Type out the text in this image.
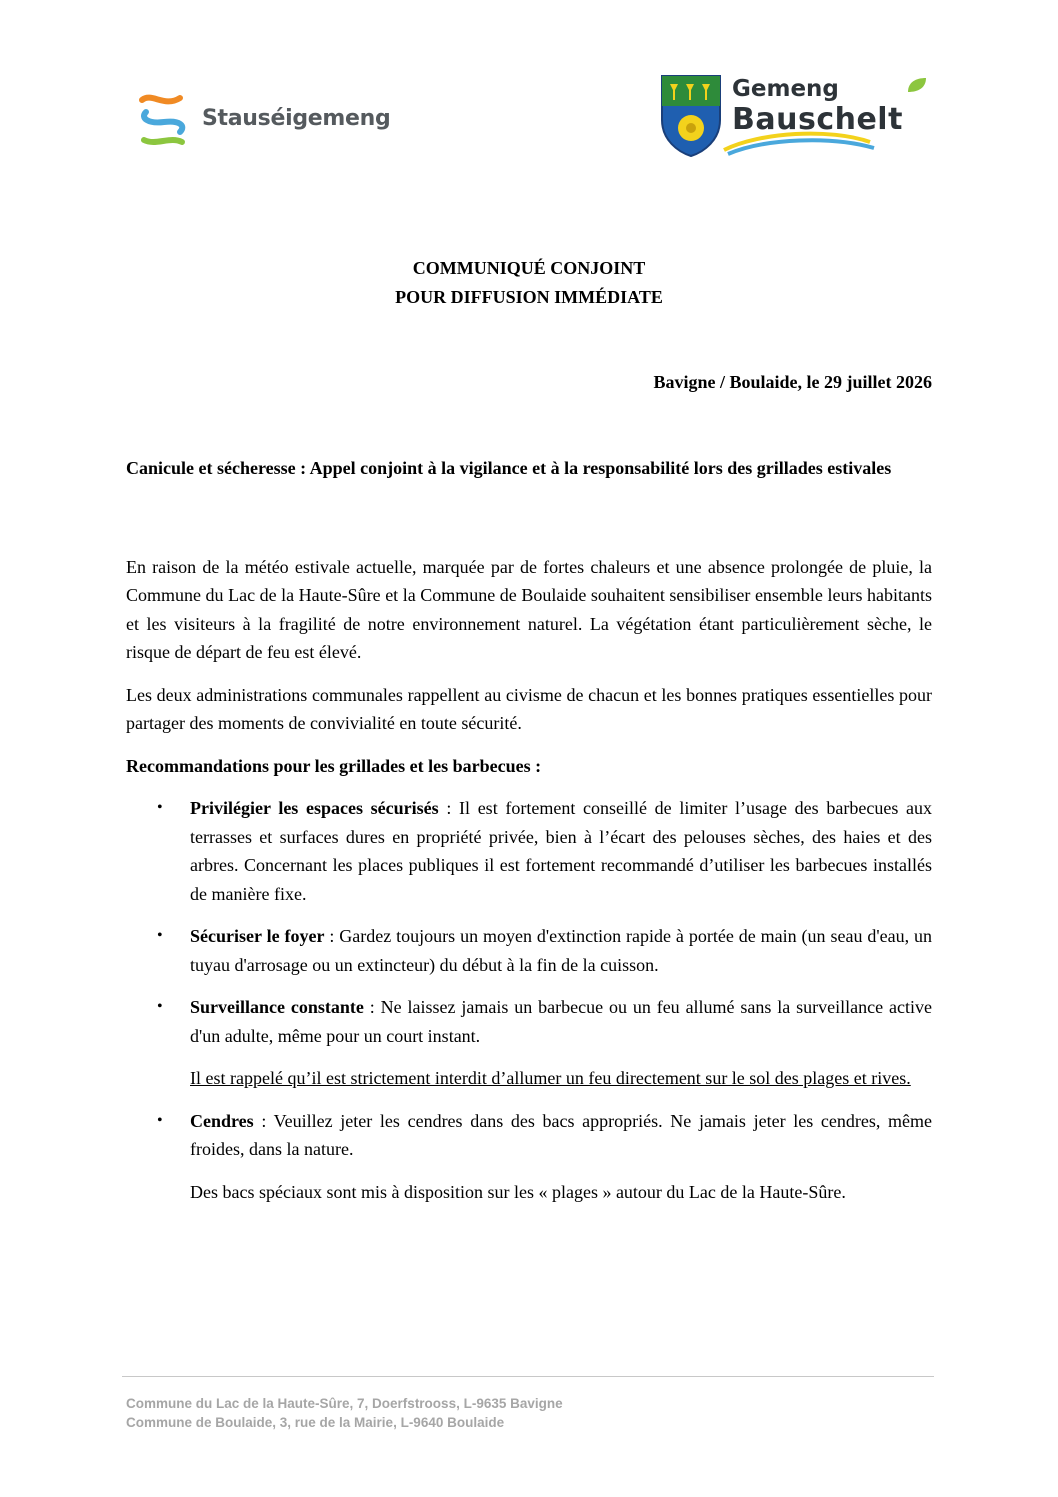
Stauséigemeng
Gemeng
Bauschelt
COMMUNIQUÉ CONJOINT
POUR DIFFUSION IMMÉDIATE
Bavigne / Boulaide, le 29 juillet 2026

Canicule et sécheresse : Appel conjoint à la vigilance et à la responsabilité lors des grillades estivales

En raison de la météo estivale actuelle, marquée par de fortes chaleurs et une absence prolongée de pluie, la Commune du Lac de la Haute-Sûre et la Commune de Boulaide souhaitent sensibiliser ensemble leurs habitants et les visiteurs à la fragilité de notre environnement naturel. La végétation étant particulièrement sèche, le risque de départ de feu est élevé.

Les deux administrations communales rappellent au civisme de chacun et les bonnes pratiques essentielles pour partager des moments de convivialité en toute sécurité.

Recommandations pour les grillades et les barbecues :

• Privilégier les espaces sécurisés : Il est fortement conseillé de limiter l’usage des barbecues aux terrasses et surfaces dures en propriété privée, bien à l’écart des pelouses sèches, des haies et des arbres. Concernant les places publiques il est fortement recommandé d’utiliser les barbecues installés de manière fixe.
• Sécuriser le foyer : Gardez toujours un moyen d'extinction rapide à portée de main (un seau d'eau, un tuyau d'arrosage ou un extincteur) du début à la fin de la cuisson.
• Surveillance constante : Ne laissez jamais un barbecue ou un feu allumé sans la surveillance active d'un adulte, même pour un court instant.

Il est rappelé qu’il est strictement interdit d’allumer un feu directement sur le sol des plages et rives.

• Cendres : Veuillez jeter les cendres dans des bacs appropriés. Ne jamais jeter les cendres, même froides, dans la nature.

Des bacs spéciaux sont mis à disposition sur les « plages » autour du Lac de la Haute-Sûre.

Commune du Lac de la Haute-Sûre, 7, Doerfstrooss, L-9635 Bavigne
Commune de Boulaide, 3, rue de la Mairie, L-9640 Boulaide
